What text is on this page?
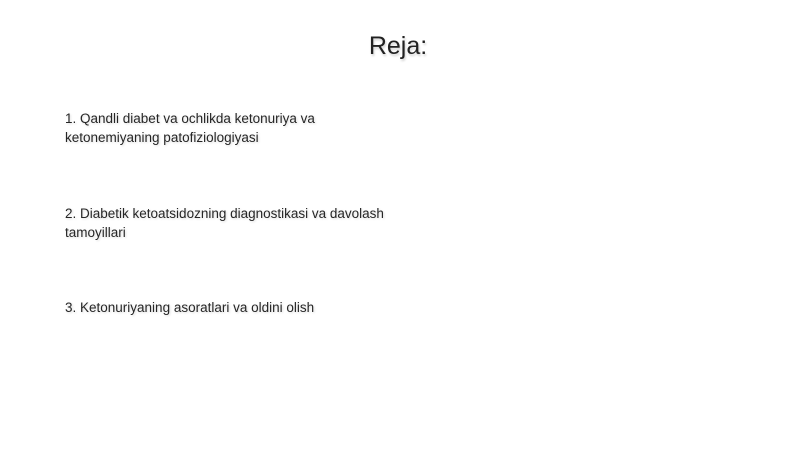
Reja:
1. Qandli diabet va ochlikda ketonuriya va ketonemiyaning patofiziologiyasi
2. Diabetik ketoatsidozning diagnostikasi va davolash tamoyillari
3. Ketonuriyaning asoratlari va oldini olish
